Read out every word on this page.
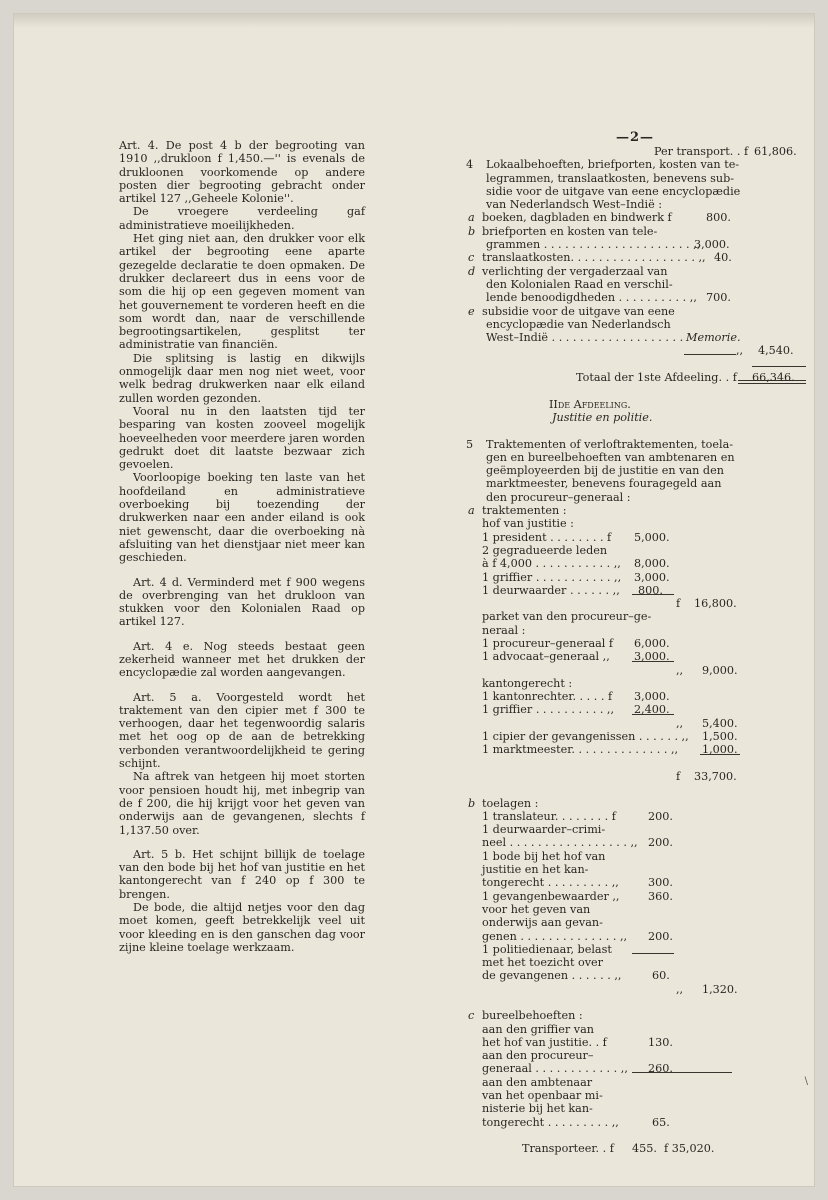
—2—

Art. 4. De post 4 b der begrooting van 1910 ,,drukloon f 1,450.—'' is evenals de drukloonen voorkomende op andere posten dier begrooting gebracht onder artikel 127 ,,Geheele Kolonie''.

De vroegere verdeeling gaf administratieve moeilijkheden.

Het ging niet aan, den drukker voor elk artikel der begrooting eene aparte gezegelde declaratie te doen opmaken. De drukker declareert dus in eens voor de som die hij op een gegeven moment van het gouvernement te vorderen heeft en die som wordt dan, naar de verschillende begrootingsartikelen, gesplitst ter administratie van financiën.

Die splitsing is lastig en dikwijls onmogelijk daar men nog niet weet, voor welk bedrag drukwerken naar elk eiland zullen worden gezonden.

Vooral nu in den laatsten tijd ter besparing van kosten zooveel mogelijk hoeveelheden voor meerdere jaren worden gedrukt doet dit laatste bezwaar zich gevoelen.

Voorloopige boeking ten laste van het hoofdeiland en administratieve overboeking bij toezending der drukwerken naar een ander eiland is ook niet gewenscht, daar die overboeking nà afsluiting van het dienstjaar niet meer kan geschieden.

Art. 4 d. Verminderd met f 900 wegens de overbrenging van het drukloon van stukken voor den Kolonialen Raad op artikel 127.

Art. 4 e. Nog steeds bestaat geen zekerheid wanneer met het drukken der encyclopædie zal worden aangevangen.

Art. 5 a. Voorgesteld wordt het traktement van den cipier met f 300 te verhoogen, daar het tegenwoordig salaris met het oog op de aan de betrekking verbonden verantwoordelijkheid te gering schijnt.

Na aftrek van hetgeen hij moet storten voor pensioen houdt hij, met inbegrip van de f 200, die hij krijgt voor het geven van onderwijs aan de gevangenen, slechts f 1,137.50 over.

Art. 5 b. Het schijnt billijk de toelage van den bode bij het hof van justitie en het kantongerecht van f 240 op f 300 te brengen.

De bode, die altijd netjes voor den dag moet komen, geeft betrekkelijk veel uit voor kleeding en is den ganschen dag voor zijne kleine toelage werkzaam.

Per transport. . f 61,806.
4 Lokaalbehoeften, briefporten, kosten van te-
legrammen, translaatkosten, benevens sub-
sidie voor de uitgave van eene encyclopædie
van Nederlandsch West–Indië :
a boeken, dagbladen en bindwerk f	800.
b briefporten en kosten van tele-
grammen . . . . . . . . . . . . . . . . . . . . . ,,
3,000.
c translaatkosten. . . . . . . . . . . . . . . . . . ,, 40.
d verlichting der vergaderzaal van
den Kolonialen Raad en verschil-
lende benoodigdheden . . . . . . . . . . ,, 700.
e subsidie voor de uitgave van eene
encyclopædie van Nederlandsch
West–Indië . . . . . . . . . . . . . . . . . . . Memorie.
,, 4,540.
Totaal der 1ste Afdeeling. . f 66,346.
IIde Afdeeling.
Justitie en politie.
5 Traktementen of verloftraktementen, toela-
gen en bureelbehoeften van ambtenaren en
geëmployeerden bij de justitie en van den
marktmeester, benevens fouragegeld aan
den procureur–generaal :
a traktementen :
hof van justitie :
1 president . . . . . . . . f 5,000.
2 gegradueerde leden
à f 4,000 . . . . . . . . . . . ,, 8,000.
1 griffier . . . . . . . . . . . ,, 3,000.
1 deurwaarder . . . . . . ,, 800.
f 16,800.
parket van den procureur–ge-
neraal :
1 procureur–generaal f 6,000.
1 advocaat–generaal ,, 3,000.
,, 9,000.
kantongerecht :
1 kantonrechter. . . . . f 3,000.
1 griffier . . . . . . . . . . ,, 2,400.
,, 5,400.
1 cipier der gevangenissen . . . . . . ,, 1,500.
1 marktmeester. . . . . . . . . . . . . . ,, 1,000.
f 33,700.
b toelagen :
1 translateur. . . . . . . . f	200.
1 deurwaarder–crimi-
neel . . . . . . . . . . . . . . . . . ,, 200.
1 bode bij het hof van
justitie en het kan-
tongerecht . . . . . . . . . ,,	300.
1 gevangenbewaarder ,,	360.
voor het geven van
onderwijs aan gevan-
genen . . . . . . . . . . . . . . ,, 200.
1 politiedienaar, belast
met het toezicht over
de gevangenen . . . . . . ,,	60.
,, 1,320.
c bureelbehoeften :
aan den griffier van
het hof van justitie. . f	130.
aan den procureur–
generaal . . . . . . . . . . . . ,, 260.
aan den ambtenaar
van het openbaar mi-
nisterie bij het kan-
tongerecht . . . . . . . . . ,,	65.
Transporteer. . f 455. f 35,020.
\
